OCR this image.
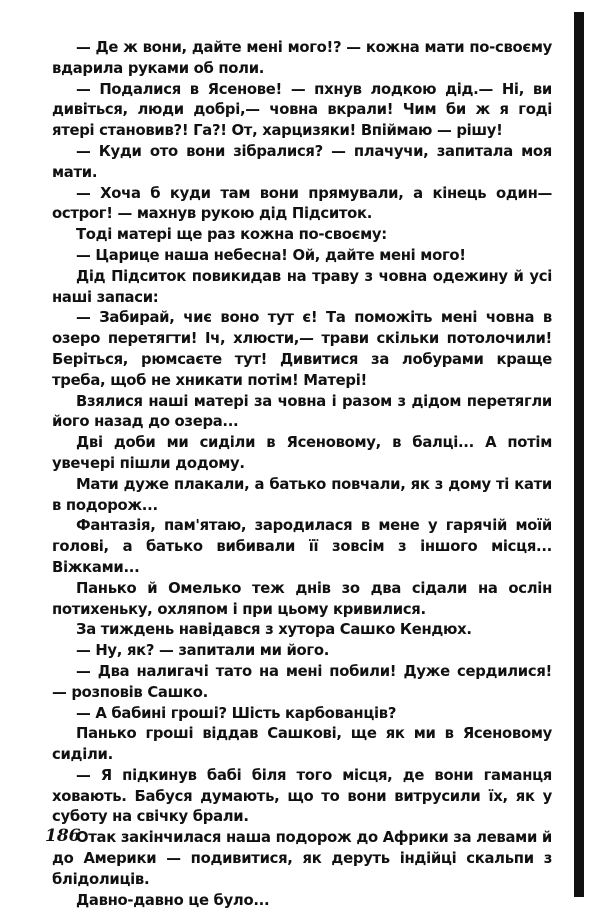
— Де ж вони, дайте мені мого!? — кожна мати по-своєму вдарила руками об поли.

— Подалися в Ясенове! — пхнув лодкою дід.— Ні, ви дивіться, люди добрі,— човна вкрали! Чим би ж я годі ятері становив?! Га?! От, харцизяки! Впіймаю — рішу!

— Куди ото вони зібралися? — плачучи, запитала моя мати.

— Хоча б куди там вони прямували, а кінець один— острог! — махнув рукою дід Підситок.

Тоді матері ще раз кожна по-своєму:

— Царице наша небесна! Ой, дайте мені мого!

Дід Підситок повикидав на траву з човна одежину й усі наші запаси:

— Забирай, чиє воно тут є! Та поможіть мені човна в озеро перетягти! Іч, хлюсти,— трави скільки потолочили! Беріться, рюмсаєте тут! Дивитися за лобурами краще треба, щоб не хникати потім! Матері!

Взялися наші матері за човна і разом з дідом перетягли його назад до озера...

Дві доби ми сиділи в Ясеновому, в балці... А потім увечері пішли додому.

Мати дуже плакали, а батько повчали, як з дому ті кати в подорож...

Фантазія, пам'ятаю, зародилася в мене у гарячій моїй голові, а батько вибивали її зовсім з іншого місця... Віжками...

Панько й Омелько теж днів зо два сідали на ослін потихеньку, охляпом і при цьому кривилися.

За тиждень навідався з хутора Сашко Кендюх.

— Ну, як? — запитали ми його.

— Два налигачі тато на мені побили! Дуже сердилися! — розповів Сашко.

— А бабині гроші? Шість карбованців?

Панько гроші віддав Сашкові, ще як ми в Ясеновому сиділи.

— Я підкинув бабі біля того місця, де вони гаманця ховають. Бабуся думають, що то вони витрусили їх, як у суботу на свічку брали.

Отак закінчилася наша подорож до Африки за левами й до Америки — подивитися, як деруть індійці скальпи з блідолиців.

Давно-давно це було...

186
